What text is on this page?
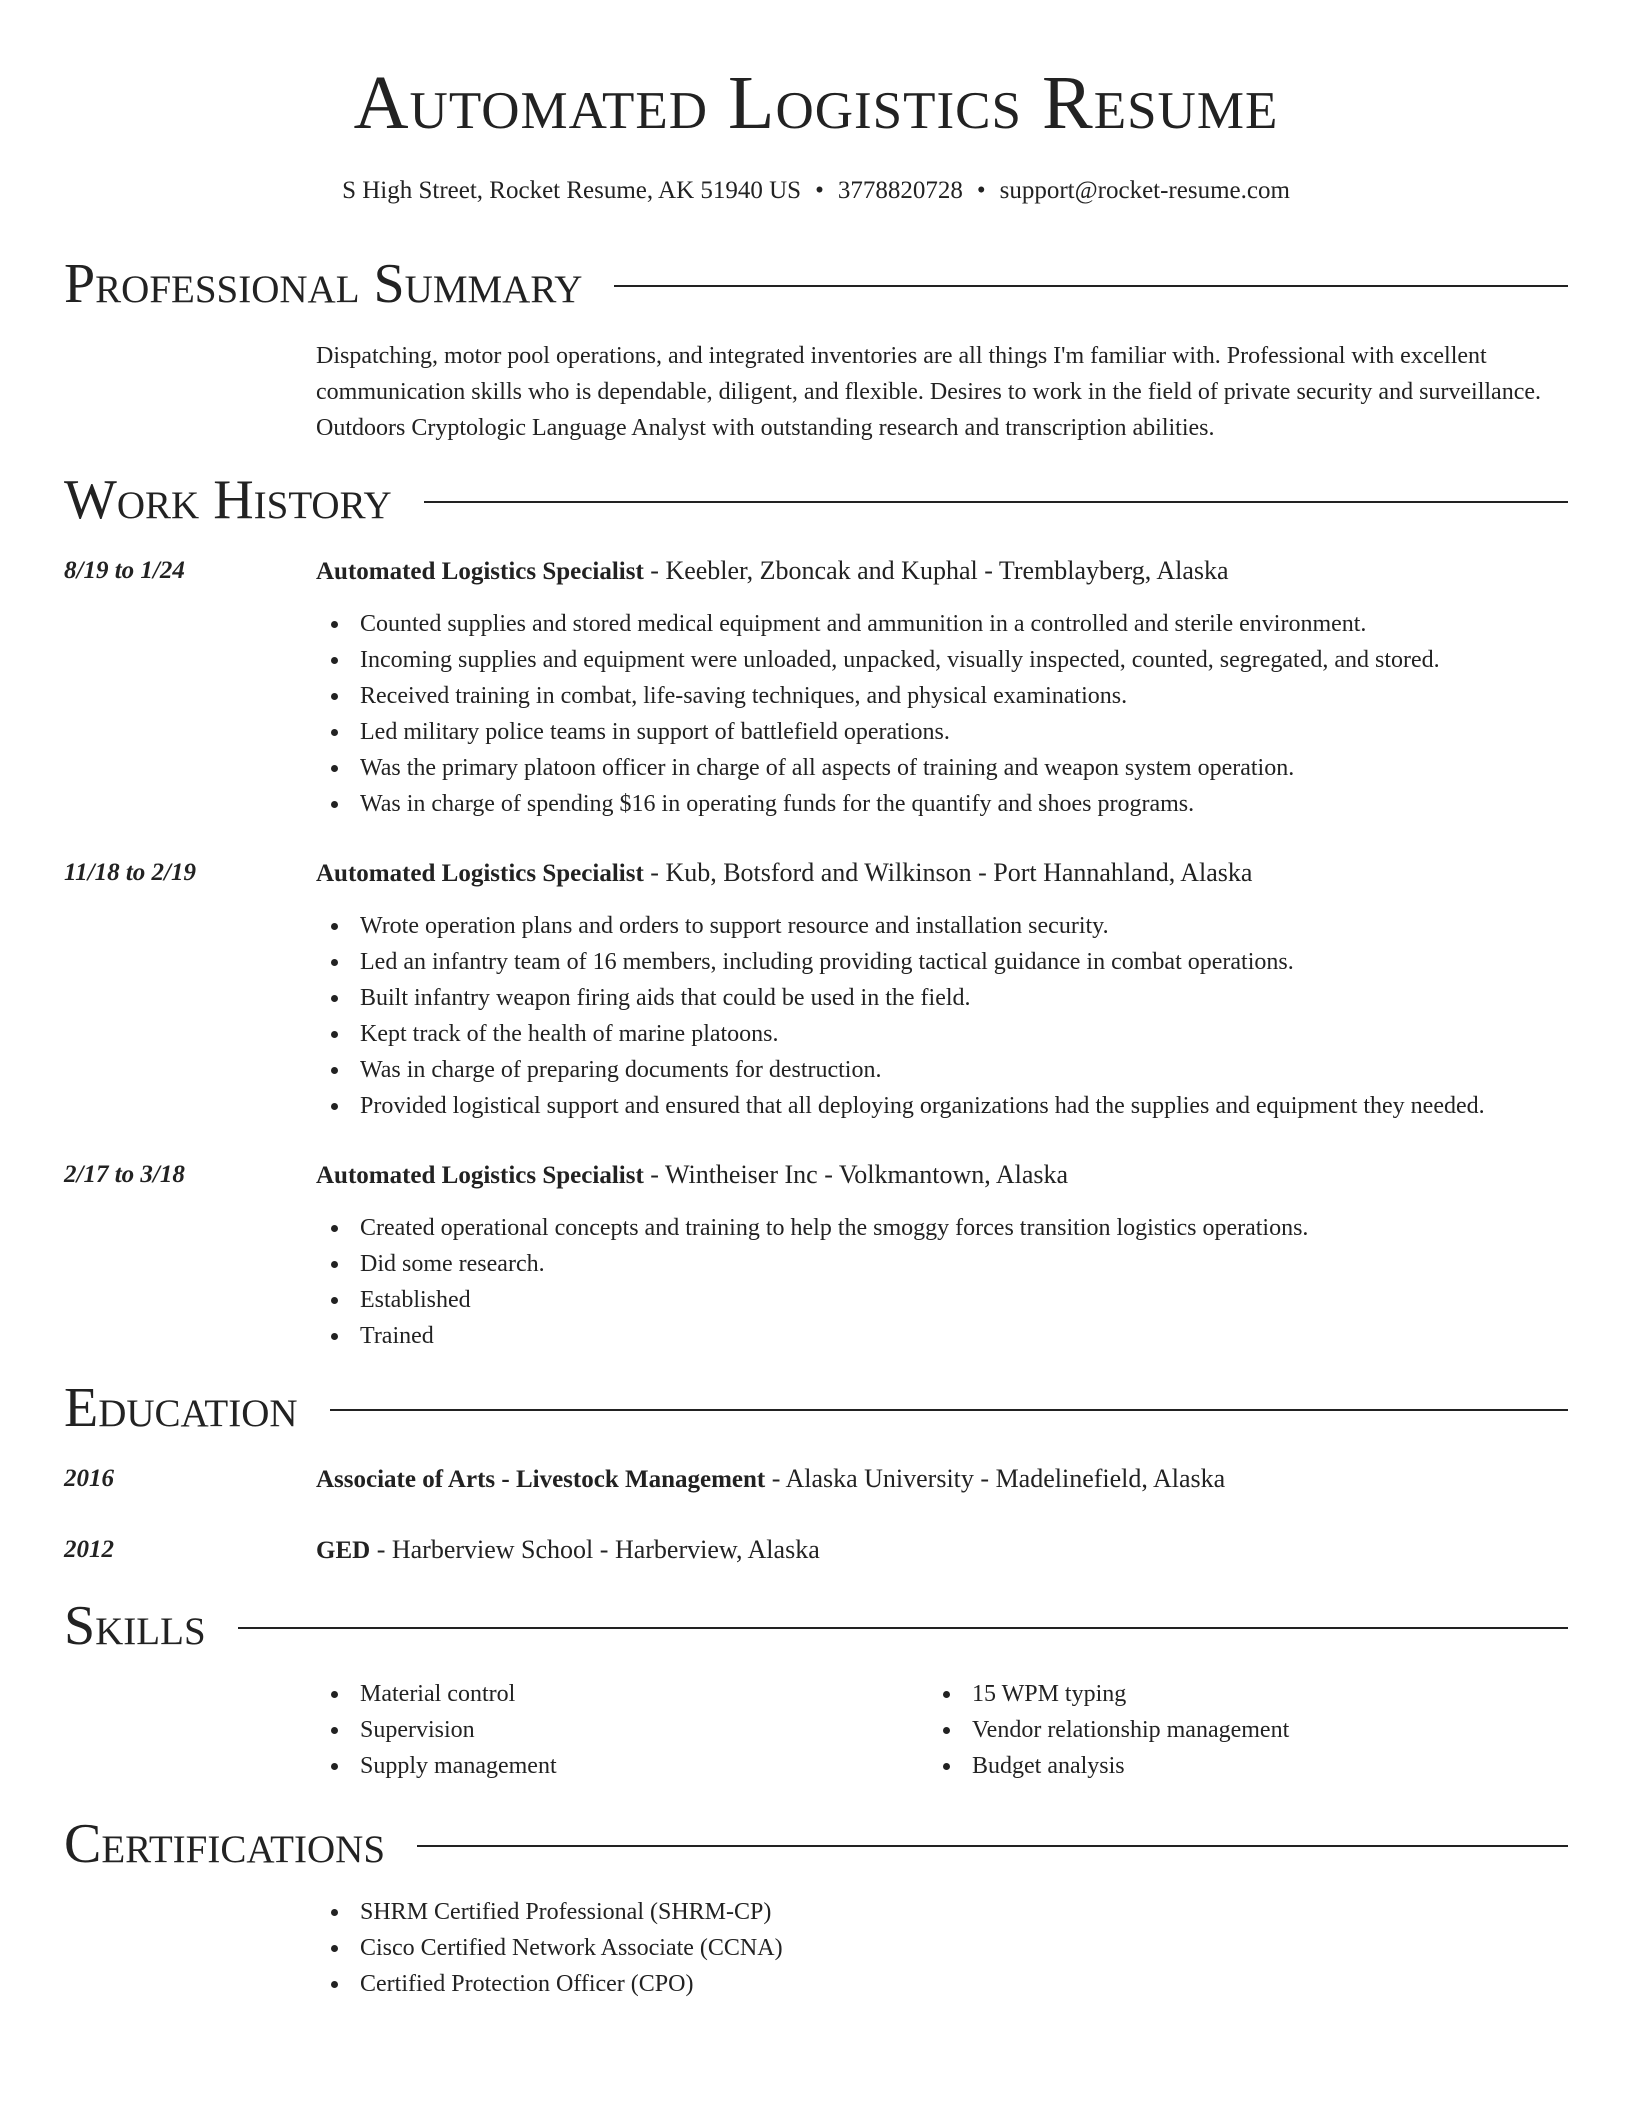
Automated Logistics Resume
S High Street, Rocket Resume, AK 51940 US • 3778820728 • support@rocket-resume.com
Professional Summary

Dispatching, motor pool operations, and integrated inventories are all things I'm familiar with. Professional with excellent communication skills who is dependable, diligent, and flexible. Desires to work in the field of private security and surveillance. Outdoors Cryptologic Language Analyst with outstanding research and transcription abilities.

Work History
8/19 to 1/24	Automated Logistics Specialist - Keebler, Zboncak and Kuphal - Tremblayberg, Alaska
Counted supplies and stored medical equipment and ammunition in a controlled and sterile environment.
Incoming supplies and equipment were unloaded, unpacked, visually inspected, counted, segregated, and stored.
Received training in combat, life-saving techniques, and physical examinations.
Led military police teams in support of battlefield operations.
Was the primary platoon officer in charge of all aspects of training and weapon system operation.
Was in charge of spending $16 in operating funds for the quantify and shoes programs.
11/18 to 2/19	Automated Logistics Specialist - Kub, Botsford and Wilkinson - Port Hannahland, Alaska
Wrote operation plans and orders to support resource and installation security.
Led an infantry team of 16 members, including providing tactical guidance in combat operations.
Built infantry weapon firing aids that could be used in the field.
Kept track of the health of marine platoons.
Was in charge of preparing documents for destruction.
Provided logistical support and ensured that all deploying organizations had the supplies and equipment they needed.
2/17 to 3/18	Automated Logistics Specialist - Wintheiser Inc - Volkmantown, Alaska
Created operational concepts and training to help the smoggy forces transition logistics operations.
Did some research.
Established
Trained
Education
2016	Associate of Arts - Livestock Management - Alaska University - Madelinefield, Alaska
2012	GED - Harberview School - Harberview, Alaska
Skills
Material control
Supervision
Supply management
15 WPM typing
Vendor relationship management
Budget analysis
Certifications
SHRM Certified Professional (SHRM-CP)
Cisco Certified Network Associate (CCNA)
Certified Protection Officer (CPO)
